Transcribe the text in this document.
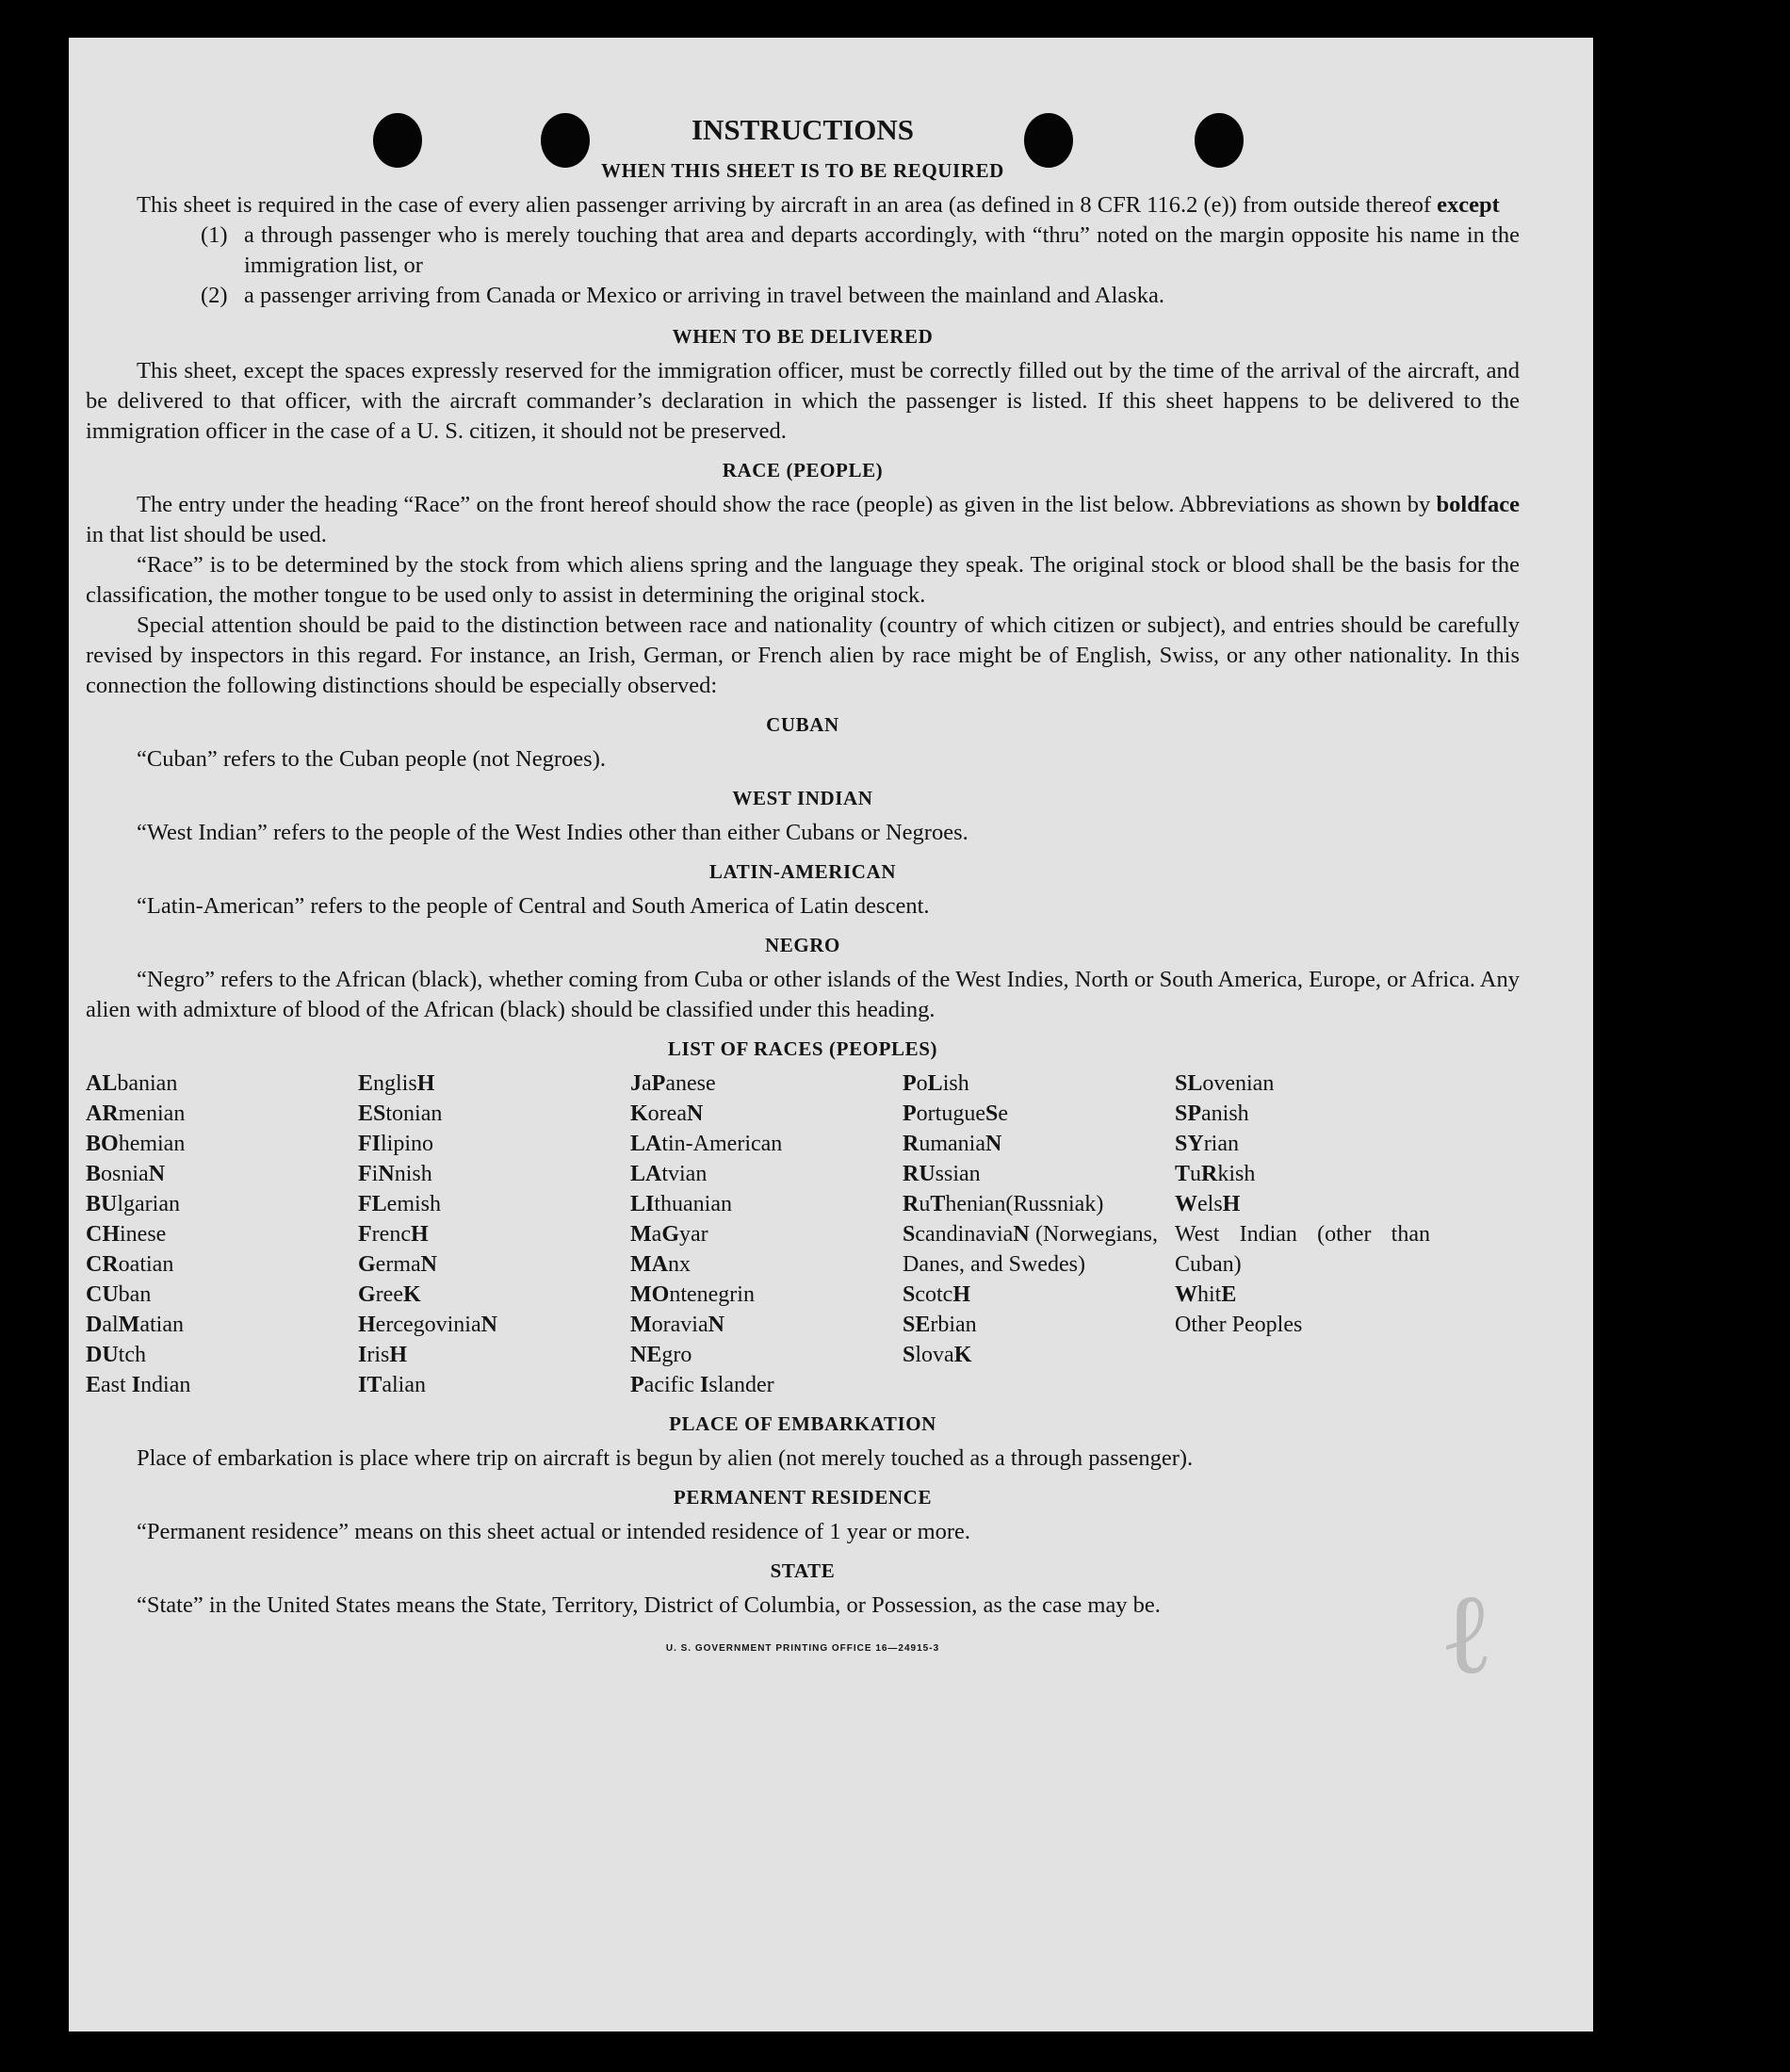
INSTRUCTIONS
WHEN THIS SHEET IS TO BE REQUIRED

This sheet is required in the case of every alien passenger arriving by aircraft in an area (as defined in 8 CFR 116.2 (e)) from outside thereof except

(1) a through passenger who is merely touching that area and departs accordingly, with “thru” noted on the margin opposite his name in the immigration list, or
(2) a passenger arriving from Canada or Mexico or arriving in travel between the mainland and Alaska.
WHEN TO BE DELIVERED

This sheet, except the spaces expressly reserved for the immigration officer, must be correctly filled out by the time of the arrival of the aircraft, and be delivered to that officer, with the aircraft commander’s declaration in which the passenger is listed. If this sheet happens to be delivered to the immigration officer in the case of a U. S. citizen, it should not be preserved.

RACE (PEOPLE)

The entry under the heading “Race” on the front hereof should show the race (people) as given in the list below. Abbreviations as shown by boldface in that list should be used.

“Race” is to be determined by the stock from which aliens spring and the language they speak. The original stock or blood shall be the basis for the classification, the mother tongue to be used only to assist in determining the original stock.

Special attention should be paid to the distinction between race and nationality (country of which citizen or subject), and entries should be carefully revised by inspectors in this regard. For instance, an Irish, German, or French alien by race might be of English, Swiss, or any other nationality. In this connection the following distinctions should be especially observed:

CUBAN

“Cuban” refers to the Cuban people (not Negroes).

WEST INDIAN

“West Indian” refers to the people of the West Indies other than either Cubans or Negroes.

LATIN-AMERICAN

“Latin-American” refers to the people of Central and South America of Latin descent.

NEGRO

“Negro” refers to the African (black), whether coming from Cuba or other islands of the West Indies, North or South America, Europe, or Africa. Any alien with admixture of blood of the African (black) should be classified under this heading.

LIST OF RACES (PEOPLES)
ALbanian
ARmenian
BOhemian
BosniaN
BUlgarian
CHinese
CRoatian
CUban
DalMatian
DUtch
East Indian
EnglisH
EStonian
FIlipino
FiNnish
FLemish
FrencH
GermaN
GreeK
HercegoviniaN
IrisH
ITalian
JaPanese
KoreaN
LAtin-American
LAtvian
LIthuanian
MaGyar
MAnx
MOntenegrin
MoraviaN
NEgro
Pacific Islander
PoLish
PortugueSe
RumaniaN
RUssian
RuThenian(Russniak)
ScandinaviaN (Norwegians, Danes, and Swedes)
ScotcH
SErbian
SlovaK
SLovenian
SPanish
SYrian
TuRkish
WelsH
West Indian (other than Cuban)
WhitE
Other Peoples
PLACE OF EMBARKATION

Place of embarkation is place where trip on aircraft is begun by alien (not merely touched as a through passenger).

PERMANENT RESIDENCE

“Permanent residence” means on this sheet actual or intended residence of 1 year or more.

STATE

“State” in the United States means the State, Territory, District of Columbia, or Possession, as the case may be.

U. S. GOVERNMENT PRINTING OFFICE 16—24915-3	ℓ
